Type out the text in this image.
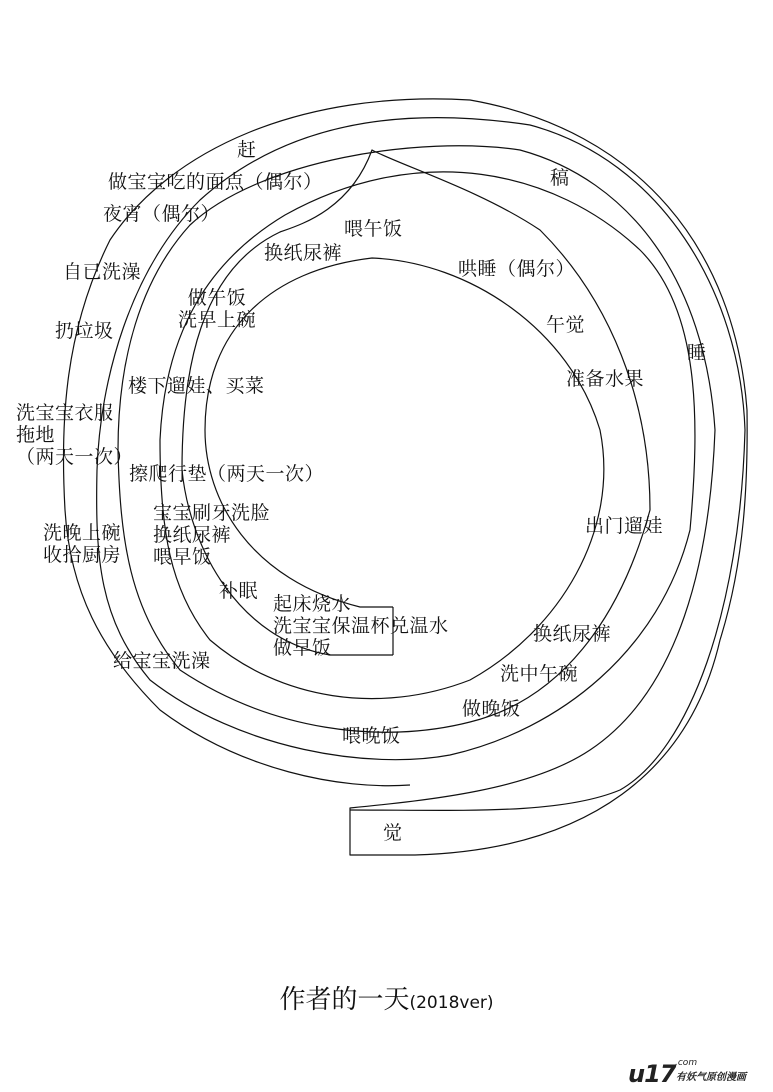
起床烧水
洗宝宝保温杯兑温水
做早饭
补眠
宝宝刷牙洗脸
换纸尿裤
喂早饭
擦爬行垫（两天一次）
楼下遛娃、买菜
做午饭
洗早上碗
换纸尿裤
喂午饭
哄睡（偶尔）
午觉
准备水果
出门遛娃
换纸尿裤
洗中午碗
做晚饭
喂晚饭
给宝宝洗澡
洗晚上碗
收拾厨房
洗宝宝衣服
拖地
（两天一次）
扔垃圾
自已洗澡
夜宵（偶尔）
做宝宝吃的面点（偶尔）
赶
稿
睡
觉
作者的一天(2018ver)
u17 .com
有妖气原创漫画
